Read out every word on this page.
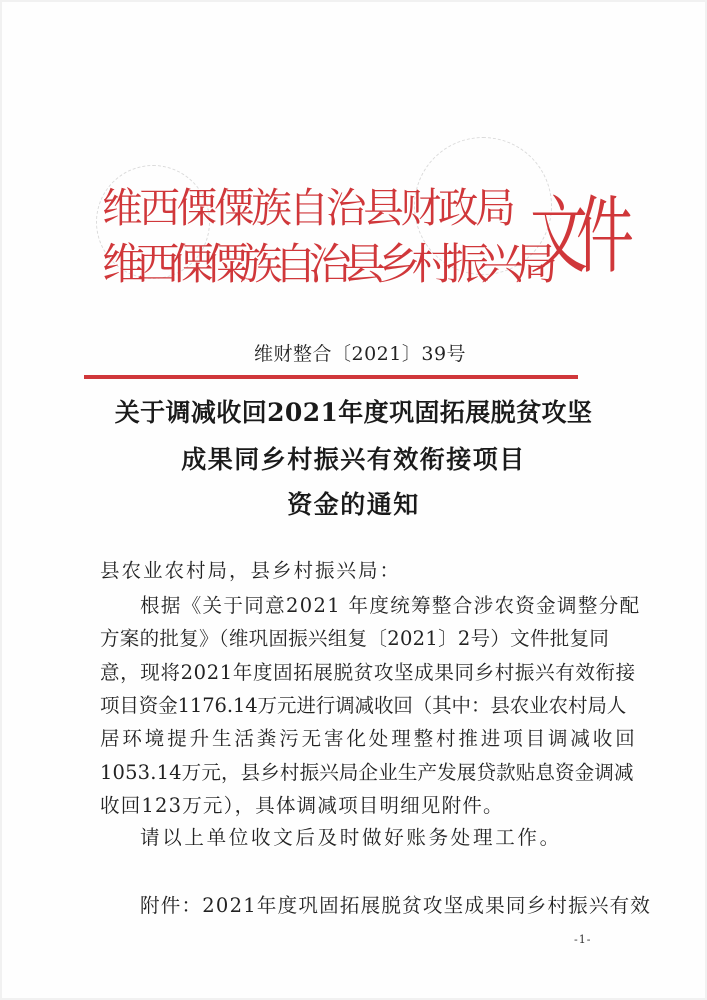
维西傈僳族自治县财政局
维西傈僳族自治县乡村振兴局
文件
维财整合〔2021〕39号
关于调减收回2021年度巩固拓展脱贫攻坚
成果同乡村振兴有效衔接项目
资金的通知
县农业农村局，县乡村振兴局：
根据《关于同意2021 年度统筹整合涉农资金调整分配
方案的批复》（维巩固振兴组复〔2021〕2号）文件批复同
意，现将2021年度固拓展脱贫攻坚成果同乡村振兴有效衔接
项目资金1176.14万元进行调减收回（其中：县农业农村局人
居环境提升生活粪污无害化处理整村推进项目调减收回
1053.14万元，县乡村振兴局企业生产发展贷款贴息资金调减
收回123万元），具体调减项目明细见附件。
请以上单位收文后及时做好账务处理工作。
附件：2021年度巩固拓展脱贫攻坚成果同乡村振兴有效
-1-
